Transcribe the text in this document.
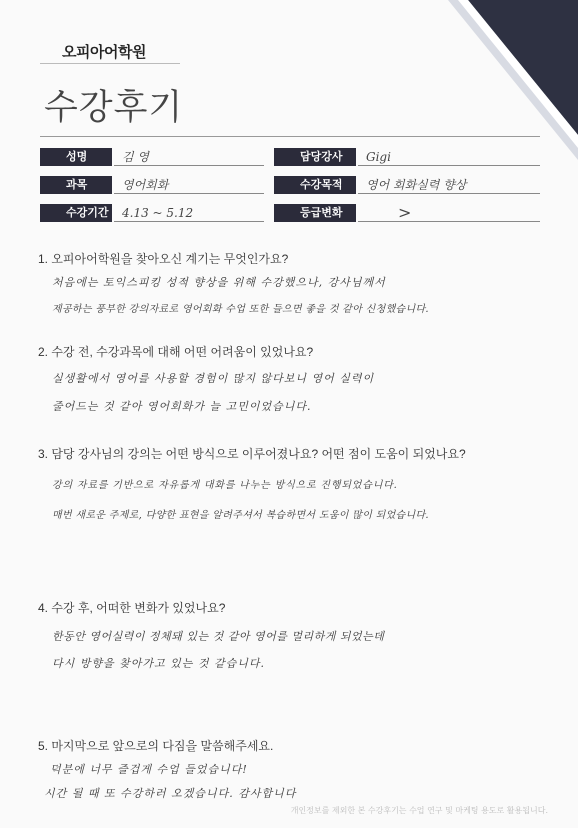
오피아어학원
수강후기
성명	김 영	담당강사	Gigi
과목	영어회화	수강목적	영어 회화실력 향상
수강기간	4.13 ~ 5.12	등급변화	>
1. 오피아어학원을 찾아오신 계기는 무엇인가요?
처음에는 토익스피킹 성적 향상을 위해 수강했으나, 강사님께서
제공하는 풍부한 강의자료로 영어회화 수업 또한 들으면 좋을 것 같아 신청했습니다.
2. 수강 전, 수강과목에 대해 어떤 어려움이 있었나요?
실생활에서 영어를 사용할 경험이 많지 않다보니 영어 실력이
줄어드는 것 같아 영어회화가 늘 고민이었습니다.
3. 담당 강사님의 강의는 어떤 방식으로 이루어졌나요? 어떤 점이 도움이 되었나요?
강의 자료를 기반으로 자유롭게 대화를 나누는 방식으로 진행되었습니다.
매번 새로운 주제로, 다양한 표현을 알려주셔서 복습하면서 도움이 많이 되었습니다.
4. 수강 후, 어떠한 변화가 있었나요?
한동안 영어실력이 정체돼 있는 것 같아 영어를 멀리하게 되었는데
다시 방향을 찾아가고 있는 것 같습니다.
5. 마지막으로 앞으로의 다짐을 말씀해주세요.
덕분에 너무 즐겁게 수업 들었습니다!
시간 될 때 또 수강하러 오겠습니다. 감사합니다
개인정보를 제외한 본 수강후기는 수업 연구 및 마케팅 용도로 활용됩니다.
